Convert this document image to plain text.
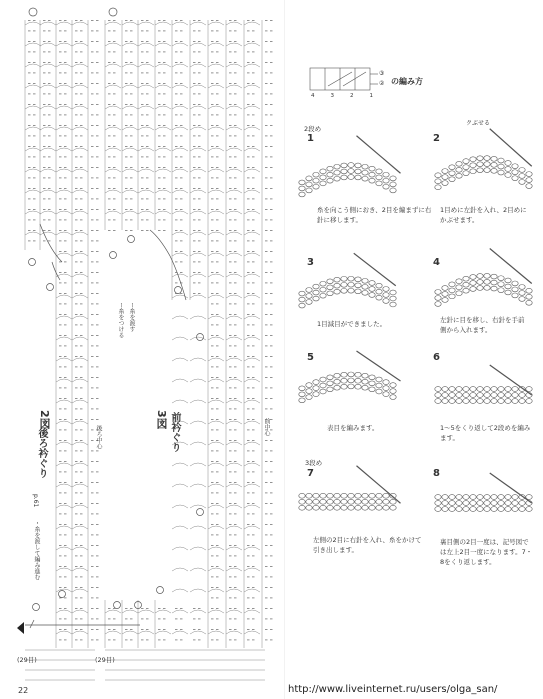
2図
後ろ衿ぐり	後ろ中心
・糸を渡して編み進む
p.61
(29目)
22
3図 前衿ぐり	前中心
ー糸をつける ー糸を渡す
(29目)
4	3	2	1
③
② の編み方
2段め
3段め
クぶせる
1	2
3	4
5	6
7	8
糸を向こう側におき、2目を編まずに右針に移します。
1目めに左針を入れ、2目めにかぶせます。
1目減目ができました。	左針に目を移し、右針を手前側から入れます。
表目を編みます。	1〜5をくり返して2段めを編みます。
左側の2目に右針を入れ、糸をかけて引き出します。
裏目側の2目一度は、記号図では左上2目一度になります。7・8をくり返します。
http://www.liveinternet.ru/users/olga_san/
